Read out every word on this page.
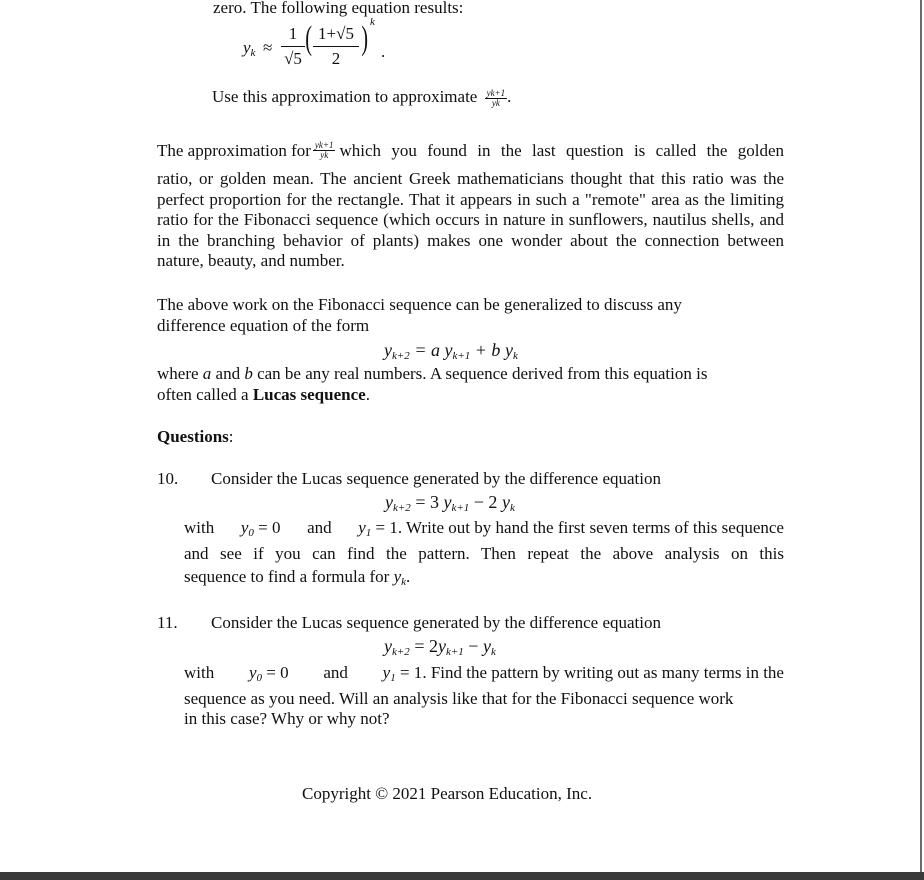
zero. The following equation results:
$y_k$ ≈
1
√5
( 1+√5
2
) k
.
Use this approximation to approximate $\frac{yk+1}{yk}$ .
The approximation for $\frac{yk+1}{yk}$ which you found in the last question is called the golden
ratio, or golden mean. The ancient Greek mathematicians thought that this ratio was the perfect proportion for the rectangle. That it appears in such a "remote" area as the limiting ratio for the Fibonacci sequence (which occurs in nature in sunflowers, nautilus shells, and in the branching behavior of plants) makes one wonder about the connection between nature, beauty, and number.
The above work on the Fibonacci sequence can be generalized to discuss any
difference equation of the form
$y_{k+2} = a$ $y_{k+1} + b$ $y_k$
where a and b can be any real numbers. A sequence derived from this equation is
often called a Lucas sequence.
Questions:
10. Consider the Lucas sequence generated by the difference equation
$y_{k+2} = 3$ $y_{k+1} - 2$ $y_k$
with $y_0 = 0$ and $y_1 = 1$. Write out by hand the first seven terms of this sequence
and see if you can find the pattern. Then repeat the above analysis on this
sequence to find a formula for $y_k$.
11. Consider the Lucas sequence generated by the difference equation
$y_{k+2} = 2y_{k+1} - y_k$
with $y_0 = 0$ and $y_1 = 1$. Find the pattern by writing out as many terms in the
sequence as you need. Will an analysis like that for the Fibonacci sequence work
in this case? Why or why not?
Copyright © 2021 Pearson Education, Inc.
